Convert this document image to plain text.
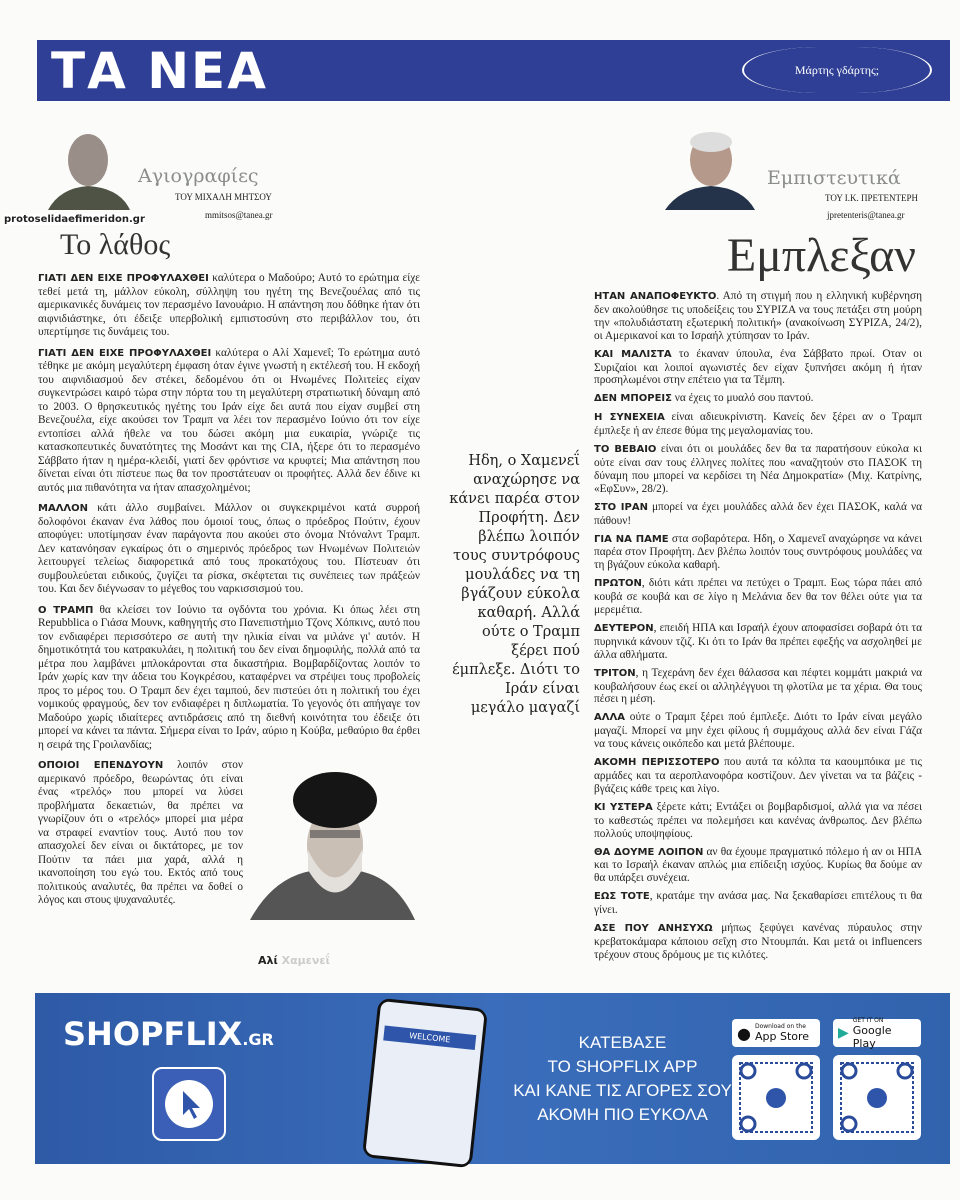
ΤΑ ΝΕΑ	Μάρτης γδάρτης;
Αγιογραφίες
ΤΟΥ ΜΙΧΑΛΗ ΜΗΤΣΟΥ
mmitsos@tanea.gr
Το λάθος
protoselidaefimeridon.gr

ΓΙΑΤΙ ΔΕΝ ΕΙΧΕ ΠΡΟΦΥΛΑΧΘΕΙ καλύτερα ο Μαδούρο; Αυτό το ερώτημα είχε τεθεί μετά τη, μάλλον εύκολη, σύλληψη του ηγέτη της Βενεζουέλας από τις αμερικανικές δυνάμεις τον περασμένο Ιανουάριο. Η απάντηση που δόθηκε ήταν ότι αιφνιδιάστηκε, ότι έδειξε υπερβολική εμπιστοσύνη στο περιβάλλον του, ότι υπερτίμησε τις δυνάμεις του.

ΓΙΑΤΙ ΔΕΝ ΕΙΧΕ ΠΡΟΦΥΛΑΧΘΕΙ καλύτερα ο Αλί Χαμενεΐ; Το ερώτημα αυτό τέθηκε με ακόμη μεγαλύτερη έμφαση όταν έγινε γνωστή η εκτέλεσή του. Η εκδοχή του αιφνιδιασμού δεν στέκει, δεδομένου ότι οι Ηνωμένες Πολιτείες είχαν συγκεντρώσει καιρό τώρα στην πόρτα του τη μεγαλύτερη στρατιωτική δύναμη από το 2003. Ο θρησκευτικός ηγέτης του Ιράν είχε δει αυτά που είχαν συμβεί στη Βενεζουέλα, είχε ακούσει τον Τραμπ να λέει τον περασμένο Ιούνιο ότι τον είχε εντοπίσει αλλά ήθελε να του δώσει ακόμη μια ευκαιρία, γνώριζε τις κατασκοπευτικές δυνατότητες της Μοσάντ και της CIA, ήξερε ότι το περασμένο Σάββατο ήταν η ημέρα-κλειδί, γιατί δεν φρόντισε να κρυφτεί; Μια απάντηση που δίνεται είναι ότι πίστευε πως θα τον προστάτευαν οι προφήτες. Αλλά δεν έδινε κι αυτός μια πιθανότητα να ήταν απασχολημένοι;

ΜΑΛΛΟΝ κάτι άλλο συμβαίνει. Μάλλον οι συγκεκριμένοι κατά συρροή δολοφόνοι έκαναν ένα λάθος που όμοιοί τους, όπως ο πρόεδρος Πούτιν, έχουν αποφύγει: υποτίμησαν έναν παράγοντα που ακούει στο όνομα Ντόναλντ Τραμπ. Δεν κατανόησαν εγκαίρως ότι ο σημερινός πρόεδρος των Ηνωμένων Πολιτειών λειτουργεί τελείως διαφορετικά από τους προκατόχους του. Πίστευαν ότι συμβουλεύεται ειδικούς, ζυγίζει τα ρίσκα, σκέφτεται τις συνέπειες των πράξεών του. Και δεν διέγνωσαν το μέγεθος του ναρκισσισμού του.

Ο ΤΡΑΜΠ θα κλείσει τον Ιούνιο τα ογδόντα του χρόνια. Κι όπως λέει στη Repubblica ο Γιάσα Μουνκ, καθηγητής στο Πανεπιστήμιο Τζονς Χόπκινς, αυτό που τον ενδιαφέρει περισσότερο σε αυτή την ηλικία είναι να μιλάνε γι' αυτόν. Η δημοτικότητά του κατρακυλάει, η πολιτική του δεν είναι δημοφιλής, πολλά από τα μέτρα που λαμβάνει μπλοκάρονται στα δικαστήρια. Βομβαρδίζοντας λοιπόν το Ιράν χωρίς καν την άδεια του Κογκρέσου, καταφέρνει να στρέψει τους προβολείς προς το μέρος του. Ο Τραμπ δεν έχει ταμπού, δεν πιστεύει ότι η πολιτική του έχει νομικούς φραγμούς, δεν τον ενδιαφέρει η διπλωματία. Το γεγονός ότι απήγαγε τον Μαδούρο χωρίς ιδιαίτερες αντιδράσεις από τη διεθνή κοινότητα του έδειξε ότι μπορεί να κάνει τα πάντα. Σήμερα είναι το Ιράν, αύριο η Κούβα, μεθαύριο θα έρθει η σειρά της Γροιλανδίας;

ΟΠΟΙΟΙ ΕΠΕΝΔΥΟΥΝ λοιπόν στον αμερικανό πρόεδρο, θεωρώντας ότι είναι ένας «τρελός» που μπορεί να λύσει προβλήματα δεκαετιών, θα πρέπει να γνωρίζουν ότι ο «τρελός» μπορεί μια μέρα να στραφεί εναντίον τους. Αυτό που τον απασχολεί δεν είναι οι δικτάτορες, με τον Πούτιν τα πάει μια χαρά, αλλά η ικανοποίηση του εγώ του. Εκτός από τους πολιτικούς αναλυτές, θα πρέπει να δοθεί ο λόγος και στους ψυχαναλυτές.

Αλί Χαμενεΐ
Εμπιστευτικά
ΤΟΥ Ι.Κ. ΠΡΕΤΕΝΤΕΡΗ
jpretenteris@tanea.gr
Εμπλεξαν
Ηδη, ο Χαμενεΐ αναχώρησε να κάνει παρέα στον Προφήτη. Δεν βλέπω λοιπόν τους συντρόφους μουλάδες να τη βγάζουν εύκολα καθαρή. Αλλά ούτε ο Τραμπ ξέρει πού έμπλεξε. Διότι το Ιράν είναι μεγάλο μαγαζί

ΗΤΑΝ ΑΝΑΠΟΦΕΥΚΤΟ. Από τη στιγμή που η ελληνική κυβέρνηση δεν ακολούθησε τις υποδείξεις του ΣΥΡΙΖΑ να τους πετάξει στη μούρη την «πολυδιάστατη εξωτερική πολιτική» (ανακοίνωση ΣΥΡΙΖΑ, 24/2), οι Αμερικανοί και το Ισραήλ χτύπησαν το Ιράν.

ΚΑΙ ΜΑΛΙΣΤΑ το έκαναν ύπουλα, ένα Σάββατο πρωί. Οταν οι Συριζαίοι και λοιποί αγωνιστές δεν είχαν ξυπνήσει ακόμη ή ήταν προσηλωμένοι στην επέτειο για τα Τέμπη.

ΔΕΝ ΜΠΟΡΕΙΣ να έχεις το μυαλό σου παντού.

Η ΣΥΝΕΧΕΙΑ είναι αδιευκρίνιστη. Κανείς δεν ξέρει αν ο Τραμπ έμπλεξε ή αν έπεσε θύμα της μεγαλομανίας του.

ΤΟ ΒΕΒΑΙΟ είναι ότι οι μουλάδες δεν θα τα παρατήσουν εύκολα κι ούτε είναι σαν τους έλληνες πολίτες που «αναζητούν στο ΠΑΣΟΚ τη δύναμη που μπορεί να κερδίσει τη Νέα Δημοκρατία» (Μιχ. Κατρίνης, «ΕφΣυν», 28/2).

ΣΤΟ ΙΡΑΝ μπορεί να έχει μουλάδες αλλά δεν έχει ΠΑΣΟΚ, καλά να πάθουν!

ΓΙΑ ΝΑ ΠΑΜΕ στα σοβαρότερα. Ηδη, ο Χαμενεΐ αναχώρησε να κάνει παρέα στον Προφήτη. Δεν βλέπω λοιπόν τους συντρόφους μουλάδες να τη βγάζουν εύκολα καθαρή.

ΠΡΩΤΟΝ, διότι κάτι πρέπει να πετύχει ο Τραμπ. Εως τώρα πάει από κουβά σε κουβά και σε λίγο η Μελάνια δεν θα τον θέλει ούτε για τα μερεμέτια.

ΔΕΥΤΕΡΟΝ, επειδή ΗΠΑ και Ισραήλ έχουν αποφασίσει σοβαρά ότι τα πυρηνικά κάνουν τζιζ. Κι ότι το Ιράν θα πρέπει εφεξής να ασχοληθεί με άλλα αθλήματα.

ΤΡΙΤΟΝ, η Τεχεράνη δεν έχει θάλασσα και πέφτει κομμάτι μακριά να κουβαλήσουν έως εκεί οι αλληλέγγυοι τη φλοτίλα με τα χέρια. Θα τους πέσει η μέση.

ΑΛΛΑ ούτε ο Τραμπ ξέρει πού έμπλεξε. Διότι το Ιράν είναι μεγάλο μαγαζί. Μπορεί να μην έχει φίλους ή συμμάχους αλλά δεν είναι Γάζα να τους κάνεις οικόπεδο και μετά βλέπουμε.

ΑΚΟΜΗ ΠΕΡΙΣΣΟΤΕΡΟ που αυτά τα κόλπα τα καουμπόικα με τις αρμάδες και τα αεροπλανοφόρα κοστίζουν. Δεν γίνεται να τα βάζεις - βγάζεις κάθε τρεις και λίγο.

ΚΙ ΥΣΤΕΡΑ ξέρετε κάτι; Εντάξει οι βομβαρδισμοί, αλλά για να πέσει το καθεστώς πρέπει να πολεμήσει και κανένας άνθρωπος. Δεν βλέπω πολλούς υποψηφίους.

ΘΑ ΔΟΥΜΕ ΛΟΙΠΟΝ αν θα έχουμε πραγματικό πόλεμο ή αν οι ΗΠΑ και το Ισραήλ έκαναν απλώς μια επίδειξη ισχύος. Κυρίως θα δούμε αν θα υπάρξει συνέχεια.

ΕΩΣ ΤΟΤΕ, κρατάμε την ανάσα μας. Να ξεκαθαρίσει επιτέλους τι θα γίνει.

ΑΣΕ ΠΟΥ ΑΝΗΣΥΧΩ μήπως ξεφύγει κανένας πύραυλος στην κρεβατοκάμαρα κάποιου σεΐχη στο Ντουμπάι. Και μετά οι influencers τρέχουν στους δρόμους με τις κιλότες.

SHOPFLIX.GR	WELCOME	ΚΑΤΕΒΑΣΕ
ΤΟ SHOPFLIX APP
ΚΑΙ ΚΑΝΕ ΤΙΣ ΑΓΟΡΕΣ ΣΟΥ
ΑΚΟΜΗ ΠΙΟ ΕΥΚΟΛΑ
● Download on the
App Store ▶
GET IT ON
Google Play
